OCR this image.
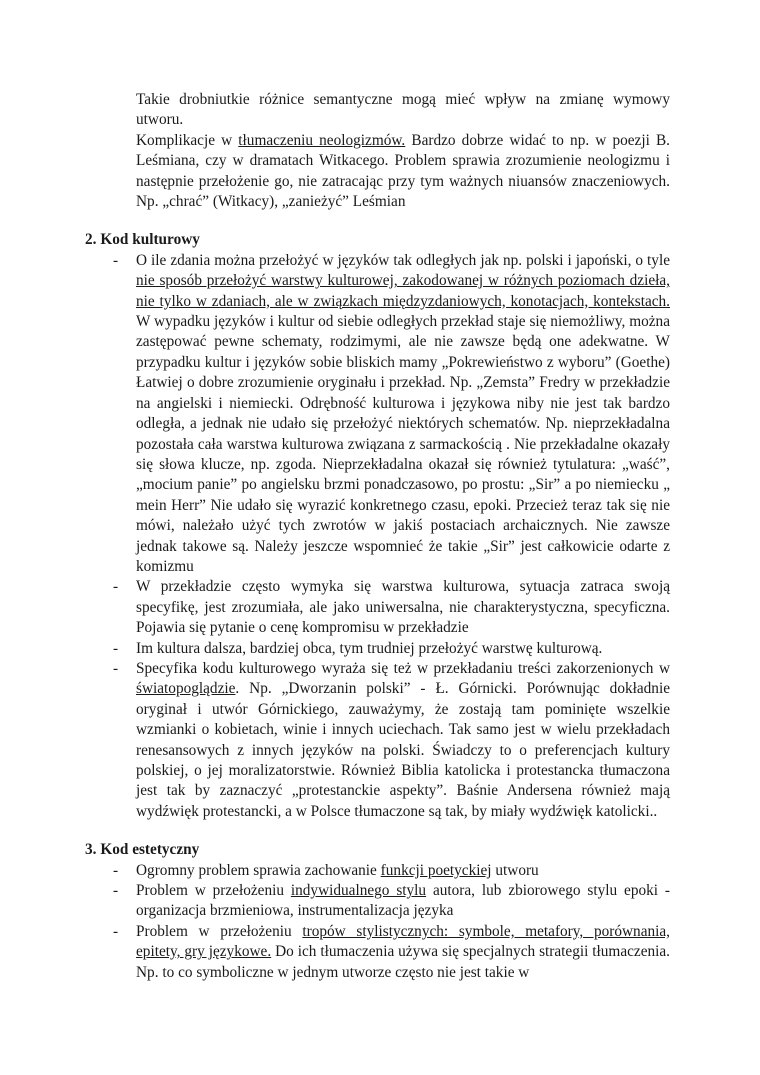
Takie drobniutkie różnice semantyczne mogą mieć wpływ na zmianę wymowy utworu.

Komplikacje w tłumaczeniu neologizmów. Bardzo dobrze widać to np. w poezji B. Leśmiana, czy w dramatach Witkacego. Problem sprawia zrozumienie neologizmu i następnie przełożenie go, nie zatracając przy tym ważnych niuansów znaczeniowych. Np. „chrać” (Witkacy), „zanieżyć” Leśmian

2. Kod kulturowy

- O ile zdania można przełożyć w języków tak odległych jak np. polski i japoński, o tyle nie sposób przełożyć warstwy kulturowej, zakodowanej w różnych poziomach dzieła, nie tylko w zdaniach, ale w związkach międzyzdaniowych, konotacjach, kontekstach. W wypadku języków i kultur od siebie odległych przekład staje się niemożliwy, można zastępować pewne schematy, rodzimymi, ale nie zawsze będą one adekwatne. W przypadku kultur i języków sobie bliskich mamy „Pokrewieństwo z wyboru” (Goethe) Łatwiej o dobre zrozumienie oryginału i przekład. Np. „Zemsta” Fredry w przekładzie na angielski i niemiecki. Odrębność kulturowa i językowa niby nie jest tak bardzo odległa, a jednak nie udało się przełożyć niektórych schematów. Np. nieprzekładalna pozostała cała warstwa kulturowa związana z sarmackością . Nie przekładalne okazały się słowa klucze, np. zgoda. Nieprzekładalna okazał się również tytulatura: „waść”, „mocium panie” po angielsku brzmi ponadczasowo, po prostu: „Sir” a po niemiecku „ mein Herr” Nie udało się wyrazić konkretnego czasu, epoki. Przecież teraz tak się nie mówi, należało użyć tych zwrotów w jakiś postaciach archaicznych. Nie zawsze jednak takowe są. Należy jeszcze wspomnieć że takie „Sir” jest całkowicie odarte z komizmu

- W przekładzie często wymyka się warstwa kulturowa, sytuacja zatraca swoją specyfikę, jest zrozumiała, ale jako uniwersalna, nie charakterystyczna, specyficzna. Pojawia się pytanie o cenę kompromisu w przekładzie

- Im kultura dalsza, bardziej obca, tym trudniej przełożyć warstwę kulturową.

- Specyfika kodu kulturowego wyraża się też w przekładaniu treści zakorzenionych w światopoglądzie. Np. „Dworzanin polski” - Ł. Górnicki. Porównując dokładnie oryginał i utwór Górnickiego, zauważymy, że zostają tam pominięte wszelkie wzmianki o kobietach, winie i innych uciechach. Tak samo jest w wielu przekładach renesansowych z innych języków na polski. Świadczy to o preferencjach kultury polskiej, o jej moralizatorstwie. Również Biblia katolicka i protestancka tłumaczona jest tak by zaznaczyć „protestanckie aspekty”. Baśnie Andersena również mają wydźwięk protestancki, a w Polsce tłumaczone są tak, by miały wydźwięk katolicki..

3. Kod estetyczny

- Ogromny problem sprawia zachowanie funkcji poetyckiej utworu

- Problem w przełożeniu indywidualnego stylu autora, lub zbiorowego stylu epoki - organizacja brzmieniowa, instrumentalizacja języka

- Problem w przełożeniu tropów stylistycznych: symbole, metafory, porównania, epitety, gry językowe. Do ich tłumaczenia używa się specjalnych strategii tłumaczenia. Np. to co symboliczne w jednym utworze często nie jest takie w
